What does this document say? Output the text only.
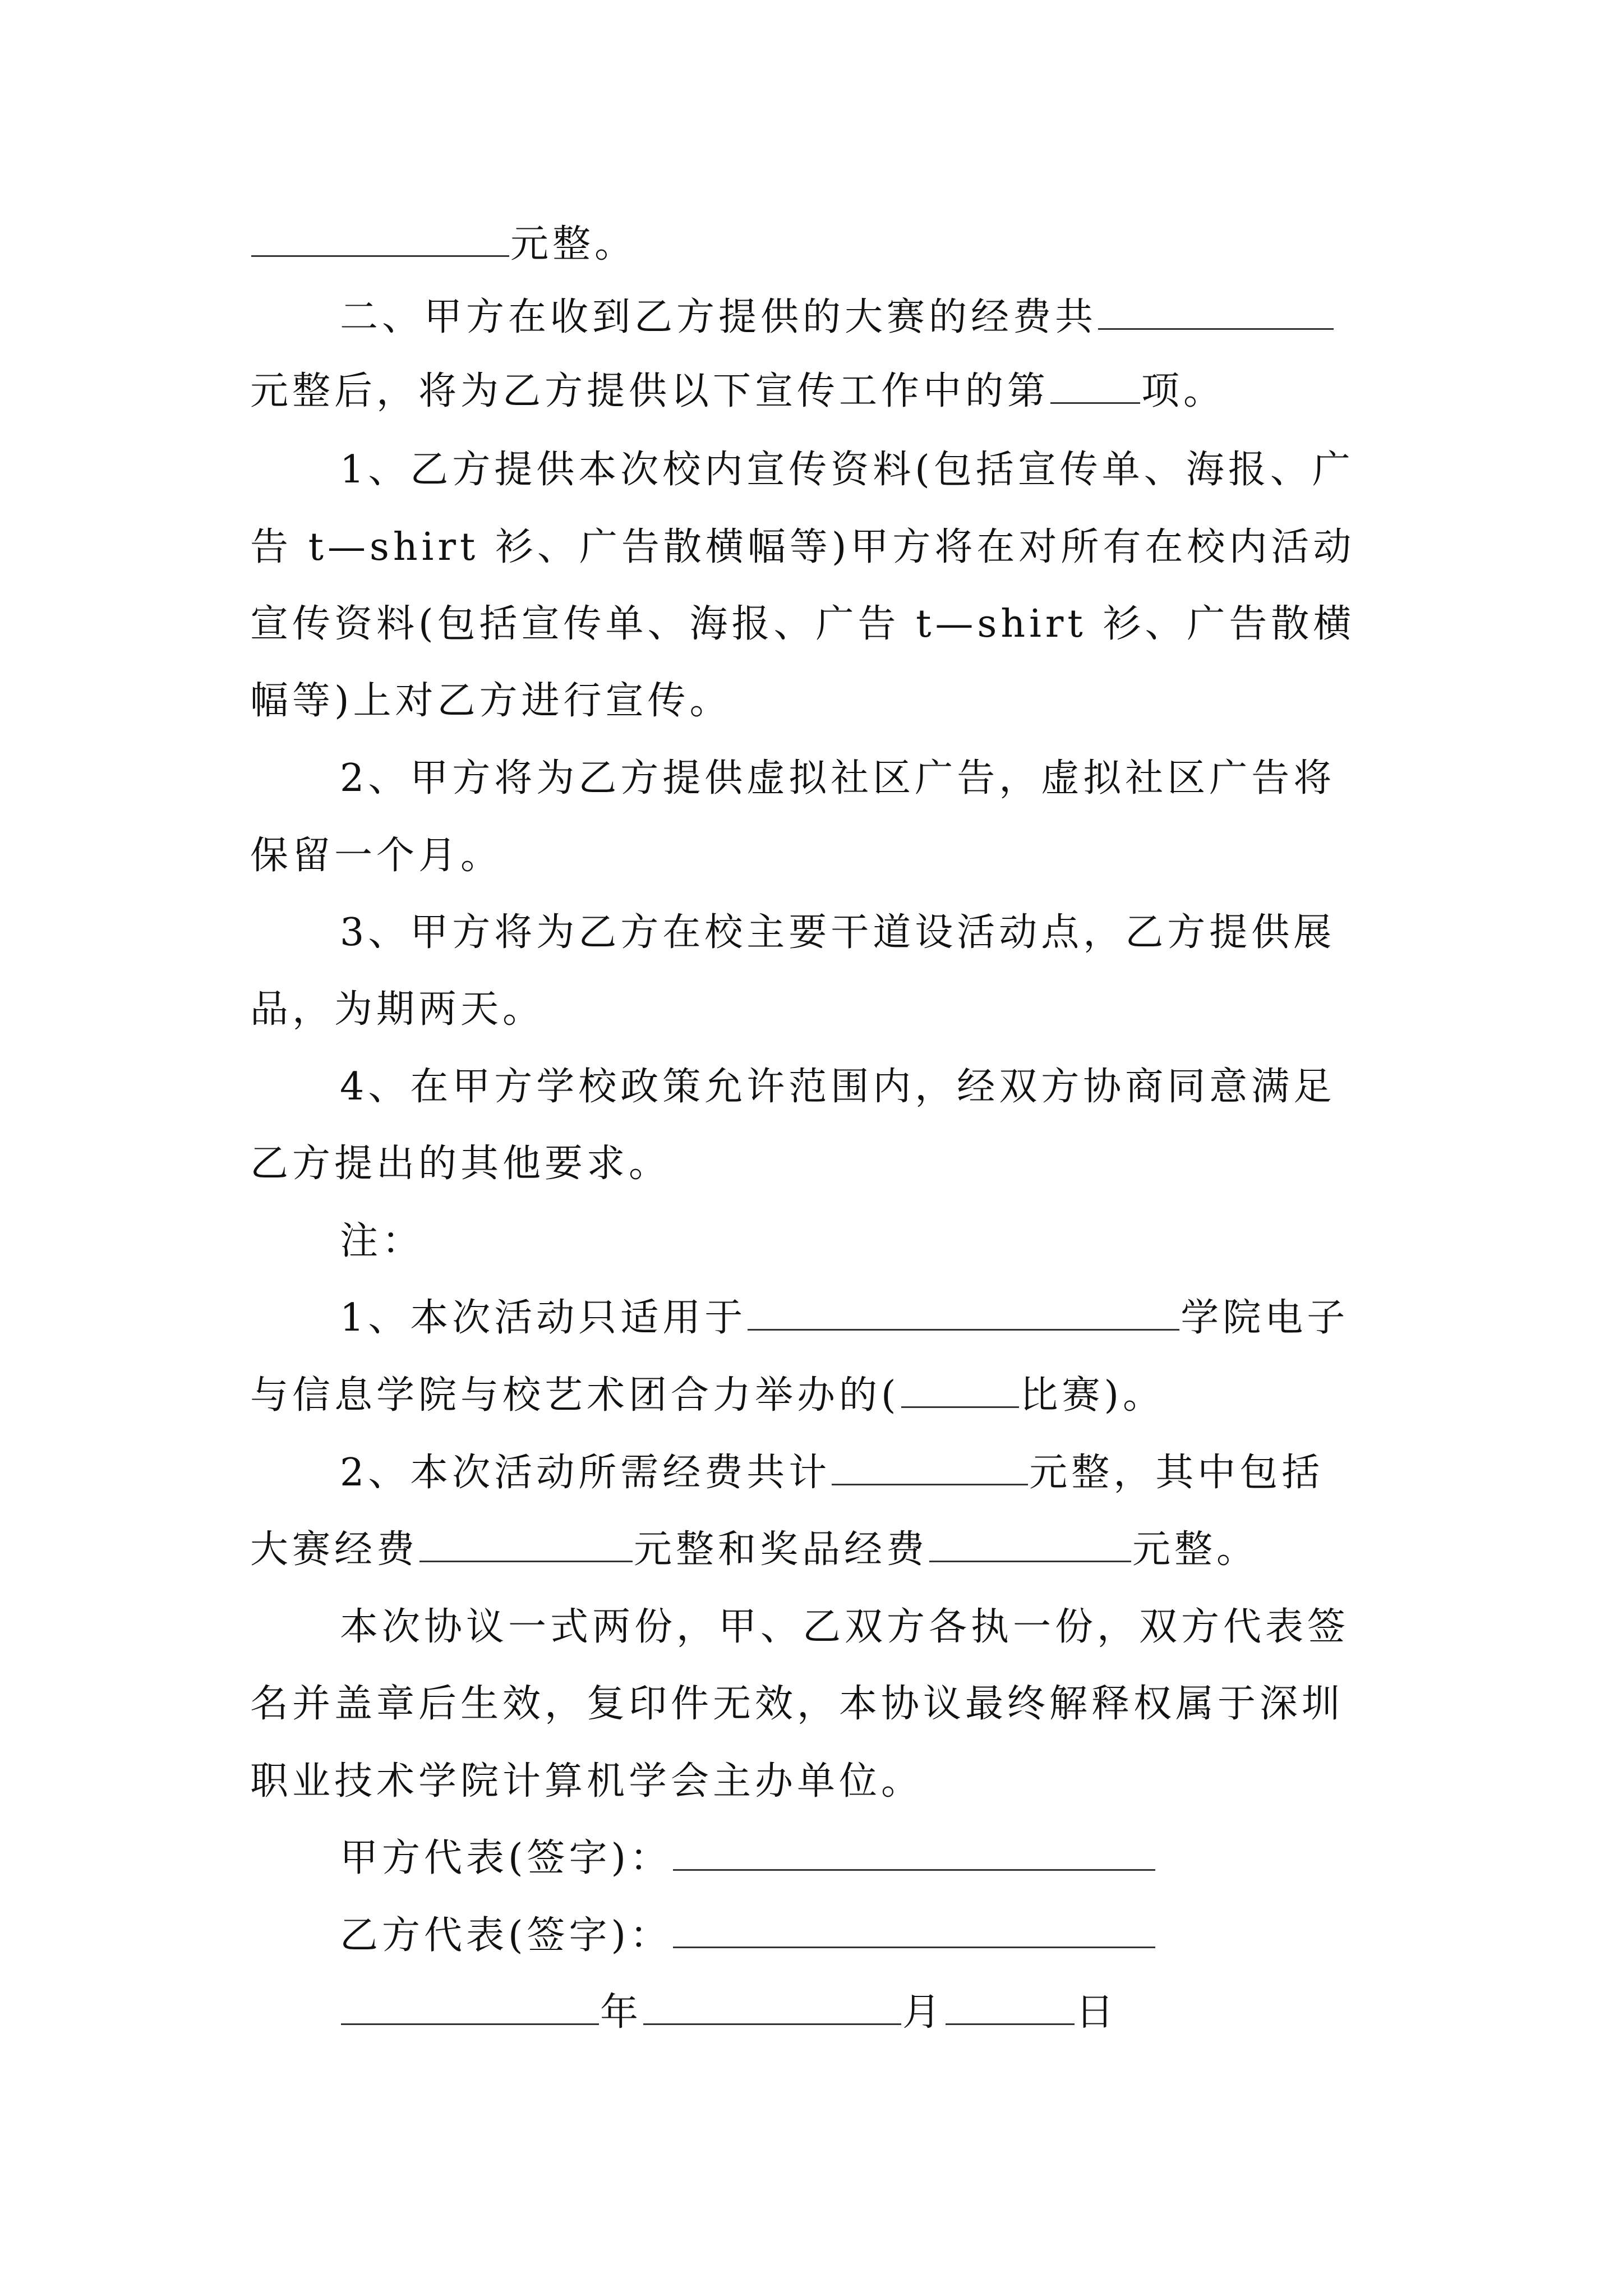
元整。
二、甲方在收到乙方提供的大赛的经费共
元整后，将为乙方提供以下宣传工作中的第 项。
1、乙方提供本次校内宣传资料(包括宣传单、海报、广
告 t—shirt 衫、广告散横幅等)甲方将在对所有在校内活动
宣传资料(包括宣传单、海报、广告 t—shirt 衫、广告散横
幅等)上对乙方进行宣传。
2、甲方将为乙方提供虚拟社区广告，虚拟社区广告将
保留一个月。
3、甲方将为乙方在校主要干道设活动点，乙方提供展
品，为期两天。
4、在甲方学校政策允许范围内，经双方协商同意满足
乙方提出的其他要求。
注：
1、本次活动只适用于	学院电子
与信息学院与校艺术团合力举办的(	比赛)。
2、本次活动所需经费共计	元整，其中包括
大赛经费	元整和奖品经费	元整。
本次协议一式两份，甲、乙双方各执一份，双方代表签
名并盖章后生效，复印件无效，本协议最终解释权属于深圳
职业技术学院计算机学会主办单位。
甲方代表(签字)：
乙方代表(签字)：
年	月	日
